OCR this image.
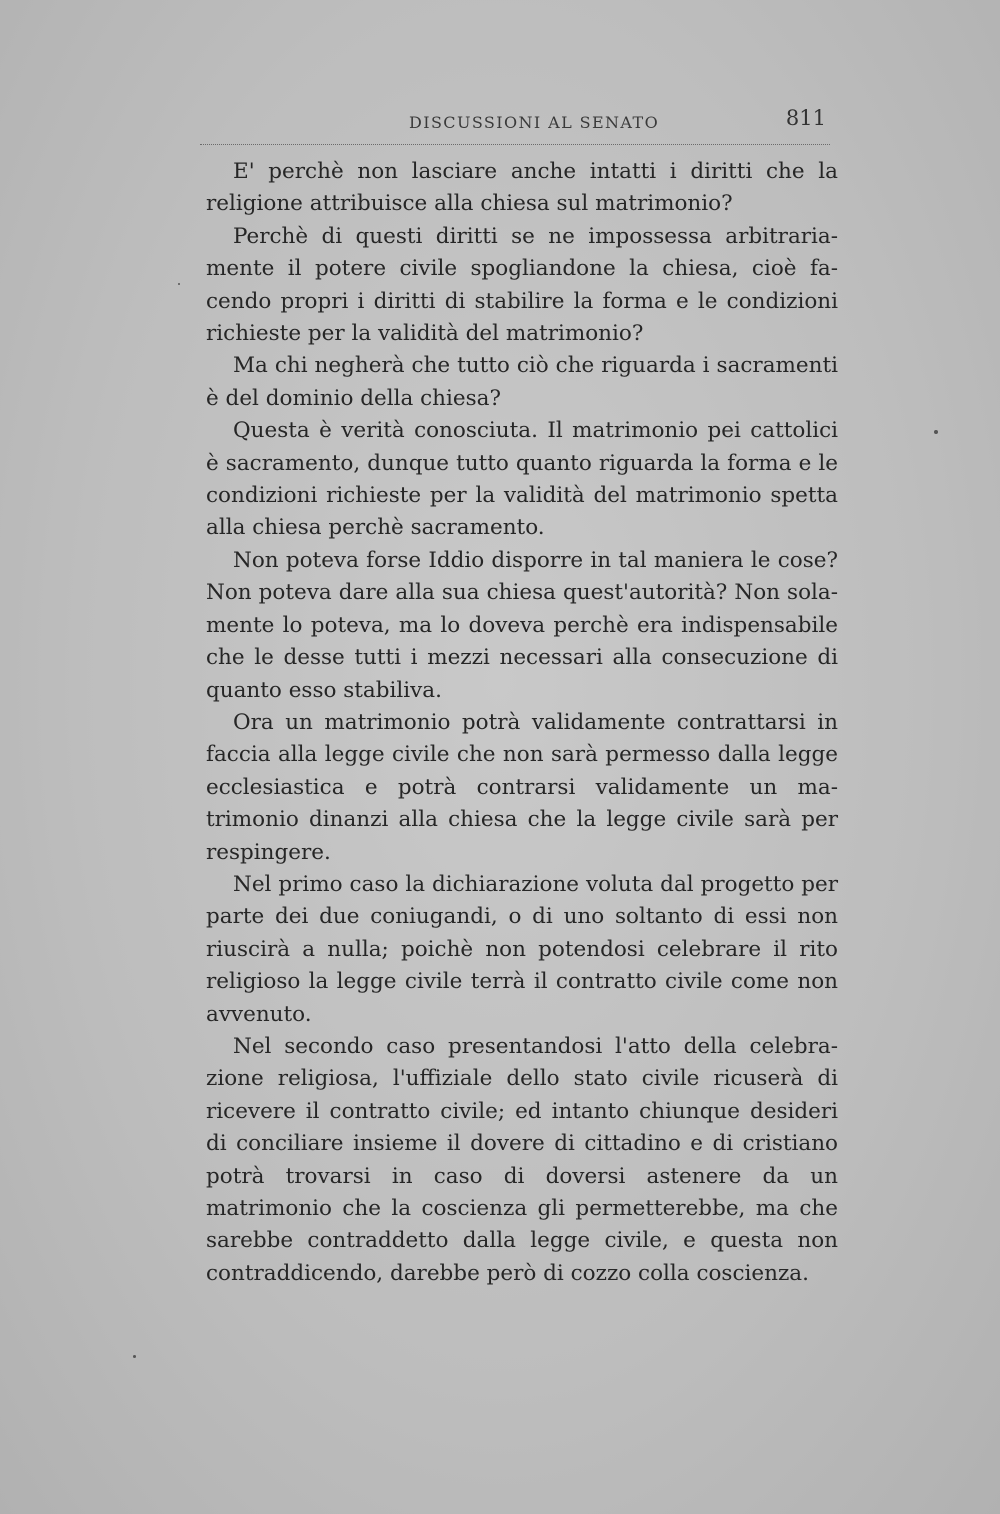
DISCUSSIONI AL SENATO	811

E' perchè non lasciare anche intatti i diritti che la religione attribuisce alla chiesa sul matrimonio?

Perchè di questi diritti se ne impossessa arbitrariamente il potere civile spogliandone la chiesa, cioè facendo propri i diritti di stabilire la forma e le condizioni richieste per la validità del matrimonio?

Ma chi negherà che tutto ciò che riguarda i sacramenti è del dominio della chiesa?

Questa è verità conosciuta. Il matrimonio pei cattolici è sacramento, dunque tutto quanto riguarda la forma e le condizioni richieste per la validità del matrimonio spetta alla chiesa perchè sacramento.

Non poteva forse Iddio disporre in tal maniera le cose? Non poteva dare alla sua chiesa quest'autorità? Non solamente lo poteva, ma lo doveva perchè era indispensabile che le desse tutti i mezzi necessari alla consecuzione di quanto esso stabiliva.

Ora un matrimonio potrà validamente contrattarsi in faccia alla legge civile che non sarà permesso dalla legge ecclesiastica e potrà contrarsi validamente un matrimonio dinanzi alla chiesa che la legge civile sarà per respingere.

Nel primo caso la dichiarazione voluta dal progetto per parte dei due coniugandi, o di uno soltanto di essi non riuscirà a nulla; poichè non potendosi celebrare il rito religioso la legge civile terrà il contratto civile come non avvenuto.

Nel secondo caso presentandosi l'atto della celebrazione religiosa, l'uffiziale dello stato civile ricuserà di ricevere il contratto civile; ed intanto chiunque desideri di conciliare insieme il dovere di cittadino e di cristiano potrà trovarsi in caso di doversi astenere da un matrimonio che la coscienza gli permetterebbe, ma che sarebbe contraddetto dalla legge civile, e questa non contraddicendo, darebbe però di cozzo colla coscienza.
